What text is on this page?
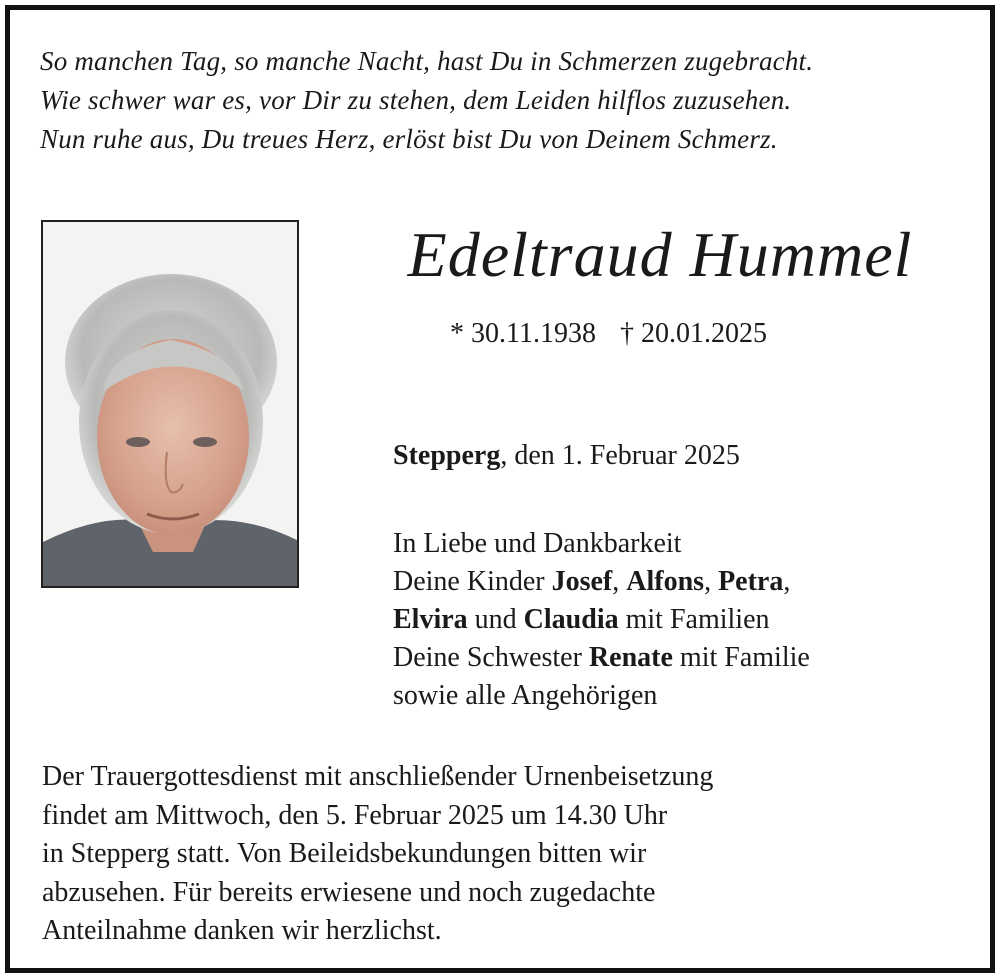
So manchen Tag, so manche Nacht, hast Du in Schmerzen zugebracht.
Wie schwer war es, vor Dir zu stehen, dem Leiden hilflos zuzusehen.
Nun ruhe aus, Du treues Herz, erlöst bist Du von Deinem Schmerz.
Edeltraud Hummel
* 30.11.1938 † 20.01.2025
Stepperg, den 1. Februar 2025
In Liebe und Dankbarkeit
Deine Kinder Josef, Alfons, Petra,
Elvira und Claudia mit Familien
Deine Schwester Renate mit Familie
sowie alle Angehörigen
Der Trauergottesdienst mit anschließender Urnenbeisetzung
findet am Mittwoch, den 5. Februar 2025 um 14.30 Uhr
in Stepperg statt. Von Beileidsbekundungen bitten wir
abzusehen. Für bereits erwiesene und noch zugedachte
Anteilnahme danken wir herzlichst.
